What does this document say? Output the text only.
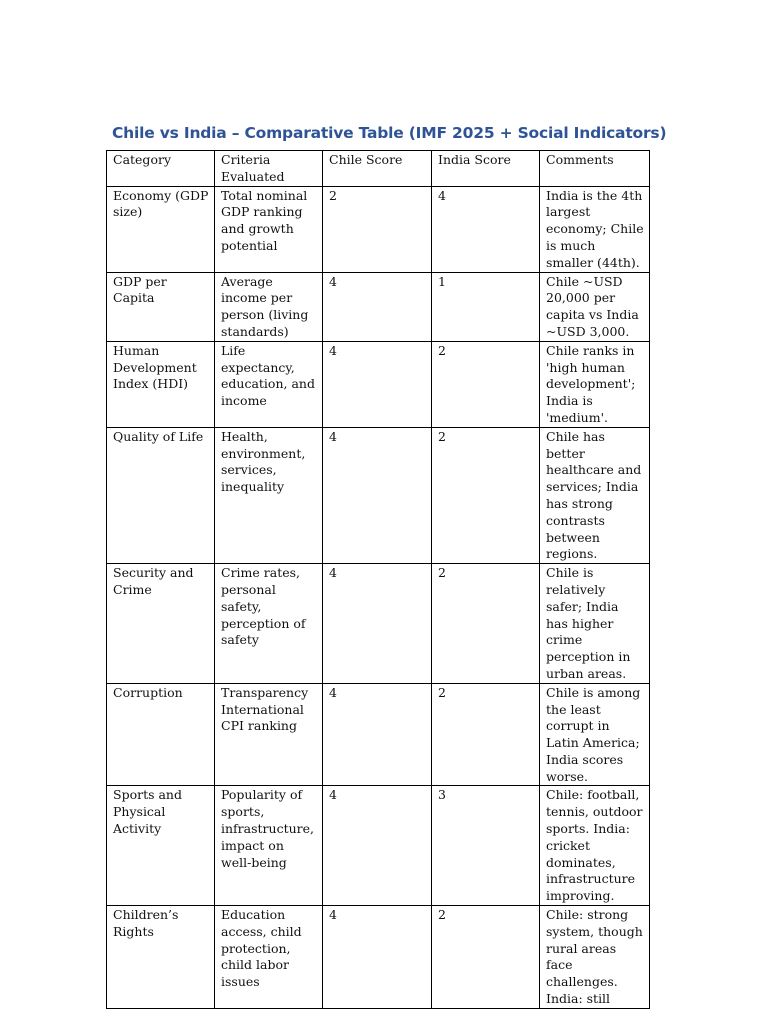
Chile vs India – Comparative Table (IMF 2025 + Social Indicators)
Category	Criteria Evaluated	Chile Score	India Score	Comments
Economy (GDP size)	Total nominal GDP ranking and growth potential	2	4	India is the 4th largest economy; Chile is much smaller (44th).
GDP per Capita	Average income per person (living standards)	4	1	Chile ~USD 20,000 per capita vs India ~USD 3,000.
Human Development Index (HDI)	Life expectancy, education, and income	4	2	Chile ranks in 'high human development'; India is 'medium'.
Quality of Life	Health, environment, services, inequality	4	2	Chile has better healthcare and services; India has strong contrasts between regions.
Security and Crime	Crime rates, personal safety, perception of safety	4	2	Chile is relatively safer; India has higher crime perception in urban areas.
Corruption	Transparency International CPI ranking	4	2	Chile is among the least corrupt in Latin America; India scores worse.
Sports and Physical Activity	Popularity of sports, infrastructure, impact on well-being	4	3	Chile: football, tennis, outdoor sports. India: cricket dominates, infrastructure improving.
Children’s Rights	Education access, child protection, child labor issues	4	2	Chile: strong system, though rural areas face challenges. India: still
